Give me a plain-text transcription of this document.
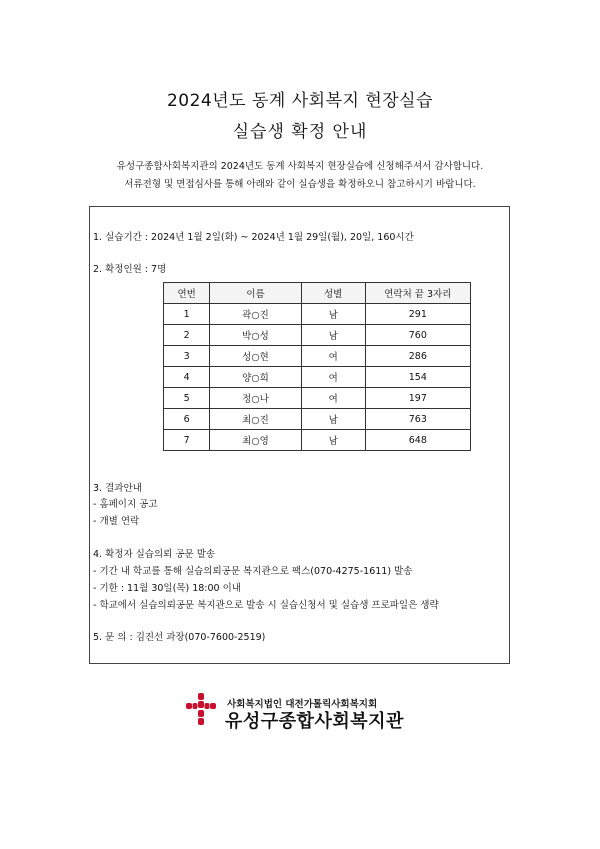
2024년도 동계 사회복지 현장실습
실습생 확정 안내
유성구종합사회복지관의 2024년도 동계 사회복지 현장실습에 신청해주셔서 감사합니다.
서류전형 및 면접심사를 통해 아래와 같이 실습생을 확정하오니 참고하시기 바랍니다.
1. 실습기간 : 2024년 1월 2일(화) ~ 2024년 1월 29일(월), 20일, 160시간
2. 확정인원 : 7명
연번	이름	성별	연락처 끝 3자리
1	곽○진	남	291
2	박○성	남	760
3	성○현	여	286
4	양○희	여	154
5	정○나	여	197
6	최○진	남	763
7	최○영	남	648
3. 결과안내
- 홈페이지 공고
- 개별 연락
4. 확정자 실습의뢰 공문 발송
- 기간 내 학교를 통해 실습의뢰공문 복지관으로 팩스(070-4275-1611) 발송
- 기한 : 11월 30일(목) 18:00 이내
- 학교에서 실습의뢰공문 복지관으로 발송 시 실습신청서 및 실습생 프로파일은 생략
5. 문 의 : 김진선 과장(070-7600-2519)
사회복지법인 대전가톨릭사회복지회
유성구종합사회복지관
